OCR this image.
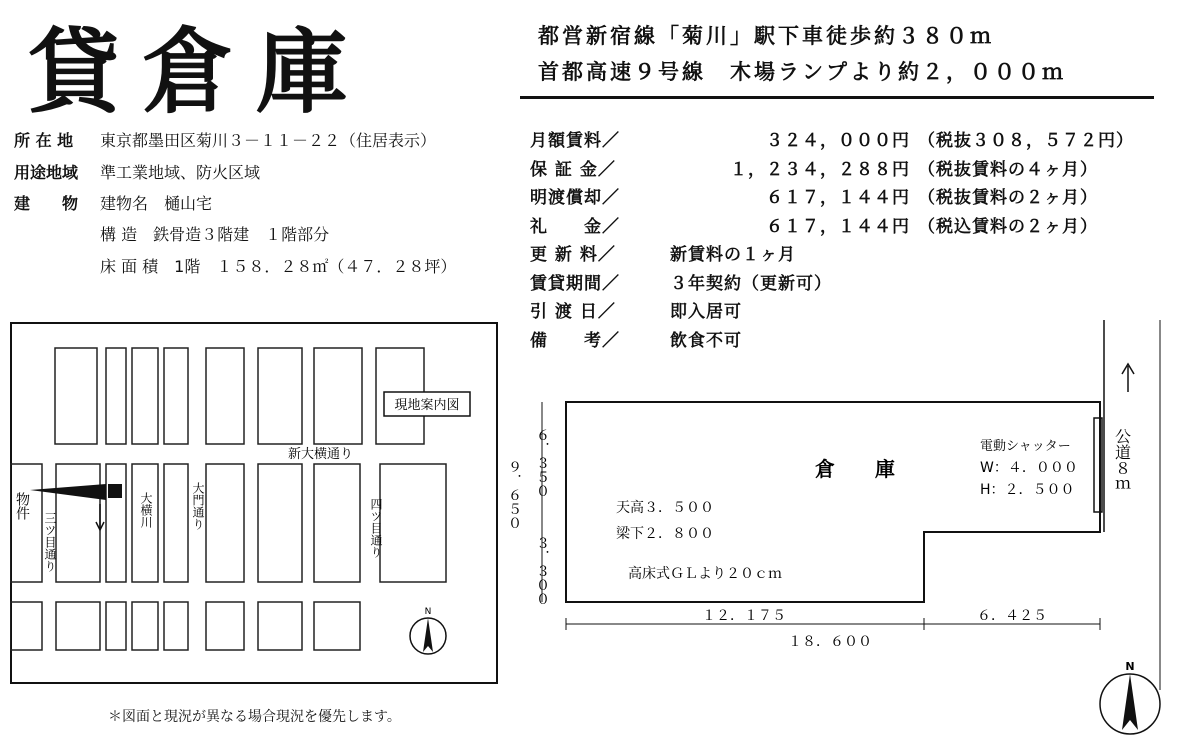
貸倉庫	都営新宿線「菊川」駅下車徒歩約３８０ｍ
首都高速９号線　木場ランプより約２，０００ｍ
所 在 地 東京都墨田区菊川３－１１－２２（住居表示）
用途地域 準工業地域、防火区域
建　　物 建物名　樋山宅
構 造　鉄骨造３階建　１階部分
床 面 積　1階　１５８．２８㎡（４７．２８坪）
月額賃料／	３２４，０００円 （税抜３０８，５７２円）
保 証 金／	１，２３４，２８８円 （税抜賃料の４ヶ月）
明渡償却／	６１７，１４４円 （税抜賃料の２ヶ月）
礼　　金／	６１７，１４４円 （税込賃料の２ヶ月）
更 新 料／	新賃料の１ヶ月
賃貸期間／	３年契約（更新可）
引 渡 日／	即入居可
備　　考／	飲食不可
現地案内図
新大横通り
四ツ目通り
三ツ目通り
大横川	大門通り
物件
N
倉　　庫
電動シャッター
W：４．０００
H：２．５００
天高３．５００
梁下２．８００
高床式ＧＬより２０ｃｍ
９．６５０ ６．３５０
３．３００
１２．１７５	６．４２５
１８．６００
公道８ｍ
N
＊図面と現況が異なる場合現況を優先します。
